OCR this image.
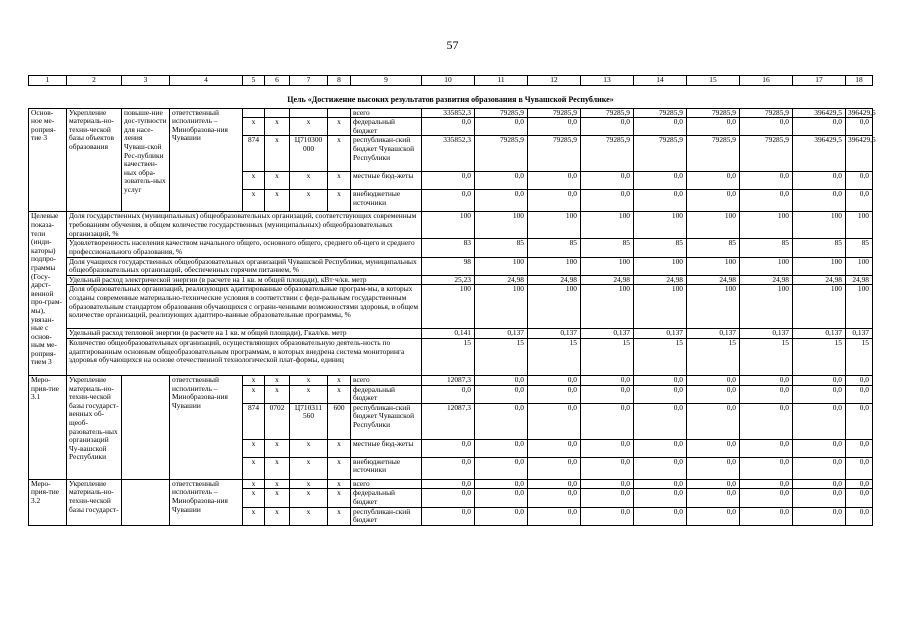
57
1	2	3	4	5	6	7	8	9	10	11	12	13	14	15	16	17	18
Цель «Достижение высоких результатов развития образования в Чувашской Республике»																	
Основ-ное ме-роприя-тие 3	Укрепление материаль-но-техни-ческой базы объектов образования	повыше-ние дос-тупности для насе-ления Чуваш-ской Рес-публики качествен-ных обра-зователь-ных услуг	ответственный исполнитель – Минобразова-ния Чувашии					всего	335852,3	79285,9	79285,9	79285,9	79285,9	79285,9	79285,9	396429,5	396429,5
				х	х	х	х	федеральный бюджет	0,0	0,0	0,0	0,0	0,0	0,0	0,0	0,0	0,0
				874	х	Ц710300 000	х	республикан-ский бюджет Чувашской Республики	335852,3	79285,9	79285,9	79285,9	79285,9	79285,9	79285,9	396429,5	396429,5
				х	х	х	х	местные бюд-жеты	0,0	0,0	0,0	0,0	0,0	0,0	0,0	0,0	0,0
				х	х	х	х	внебюджетные источники	0,0	0,0	0,0	0,0	0,0	0,0	0,0	0,0	0,0
Целевые показа-тели (инди-каторы) подпро-граммы (Госу-дарст-венной про-грам-мы), увязан-ные с основ-ным ме-роприя-тием 3	Доля государственных (муниципальных) общеобразовательных организаций, соответствующих современным требованиям обучения, в общем количестве государственных (муниципальных) общеобразовательных организаций, %								100	100	100	100	100	100	100	100	100
	Удовлетворенность населения качеством начального общего, основного общего, среднего об-щего и среднего профессионального образования, %								83	85	85	85	85	85	85	85	85
	Доля учащихся государственных общеобразовательных организаций Чувашской Республики, муниципальных общеобразовательных организаций, обеспеченных горячим питанием, %								98	100	100	100	100	100	100	100	100
	Удельный расход электрической энергии (в расчете на 1 кв. м общей площади), кВт·ч/кв. метр								25,23	24,98	24,98	24,98	24,98	24,98	24,98	24,98	24,98
	Доля образовательных организаций, реализующих адаптированные образовательные програм-мы, в которых созданы современные материально-технические условия в соответствии с феде-ральным государственным образовательным стандартом образования обучающихся с ограни-ченными возможностями здоровья, в общем количестве организаций, реализующих адаптиро-ванные образовательные программы, %								100	100	100	100	100	100	100	100	100
	Удельный расход тепловой энергии (в расчете на 1 кв. м общей площади), Гкал/кв. метр								0,141	0,137	0,137	0,137	0,137	0,137	0,137	0,137	0,137
	Количество общеобразовательных организаций, осуществляющих образовательную деятель-ность по адаптированным основным общеобразовательным программам, в которых внедрена система мониторинга здоровья обучающихся на основе отечественной технологической плат-формы, единиц								15	15	15	15	15	15	15	15	15
Меро-прия-тие 3.1	Укрепление материаль-но-техни-ческой базы государст-венных об-щеоб-разователь-ных организаций Чу-вашской Республики		ответственный исполнитель – Минобразова-ния Чувашии	х	х	х	х	всего	12087,3	0,0	0,0	0,0	0,0	0,0	0,0	0,0	0,0
				х	х	х	х	федеральный бюджет	0,0	0,0	0,0	0,0	0,0	0,0	0,0	0,0	0,0
				874	0702	Ц710311 560	600	республикан-ский бюджет Чувашской Республики	12087,3	0,0	0,0	0,0	0,0	0,0	0,0	0,0	0,0
				х	х	х	х	местные бюд-жеты	0,0	0,0	0,0	0,0	0,0	0,0	0,0	0,0	0,0
				х	х	х	х	внебюджетные источники	0,0	0,0	0,0	0,0	0,0	0,0	0,0	0,0	0,0
Меро-прия-тие 3.2	Укрепление материаль-но-техни-ческой базы государст-		ответственный исполнитель – Минобразова-ния Чувашии	х	х	х	х	всего	0,0	0,0	0,0	0,0	0,0	0,0	0,0	0,0	0,0
				х	х	х	х	федеральный бюджет	0,0	0,0	0,0	0,0	0,0	0,0	0,0	0,0	0,0
				х	х	х	х	республикан-ский бюджет	0,0	0,0	0,0	0,0	0,0	0,0	0,0	0,0	0,0
